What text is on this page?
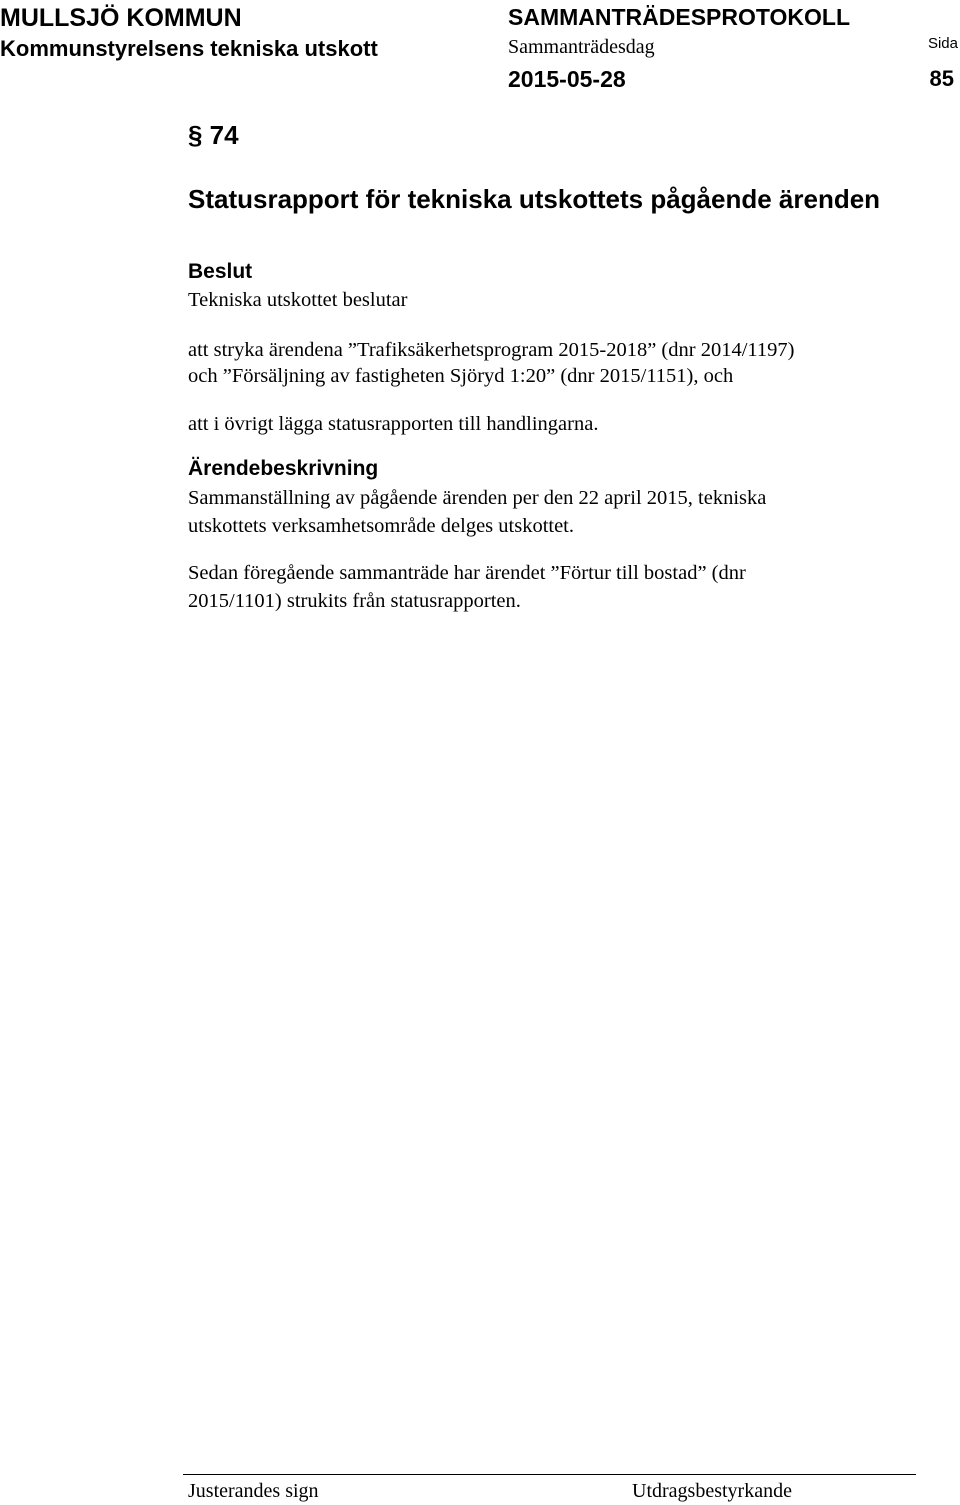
MULLSJÖ KOMMUN
Kommunstyrelsens tekniska utskott
SAMMANTRÄDESPROTOKOLL
Sammanträdesdag
2015-05-28
Sida
85
§ 74
Statusrapport för tekniska utskottets pågående ärenden
Beslut
Tekniska utskottet beslutar
att stryka ärendena ”Trafiksäkerhetsprogram 2015-2018” (dnr 2014/1197)
och ”Försäljning av fastigheten Sjöryd 1:20” (dnr 2015/1151), och
att i övrigt lägga statusrapporten till handlingarna.
Ärendebeskrivning
Sammanställning av pågående ärenden per den 22 april 2015, tekniska
utskottets verksamhetsområde delges utskottet.
Sedan föregående sammanträde har ärendet ”Förtur till bostad” (dnr
2015/1101) strukits från statusrapporten.
Justerandes sign	Utdragsbestyrkande
